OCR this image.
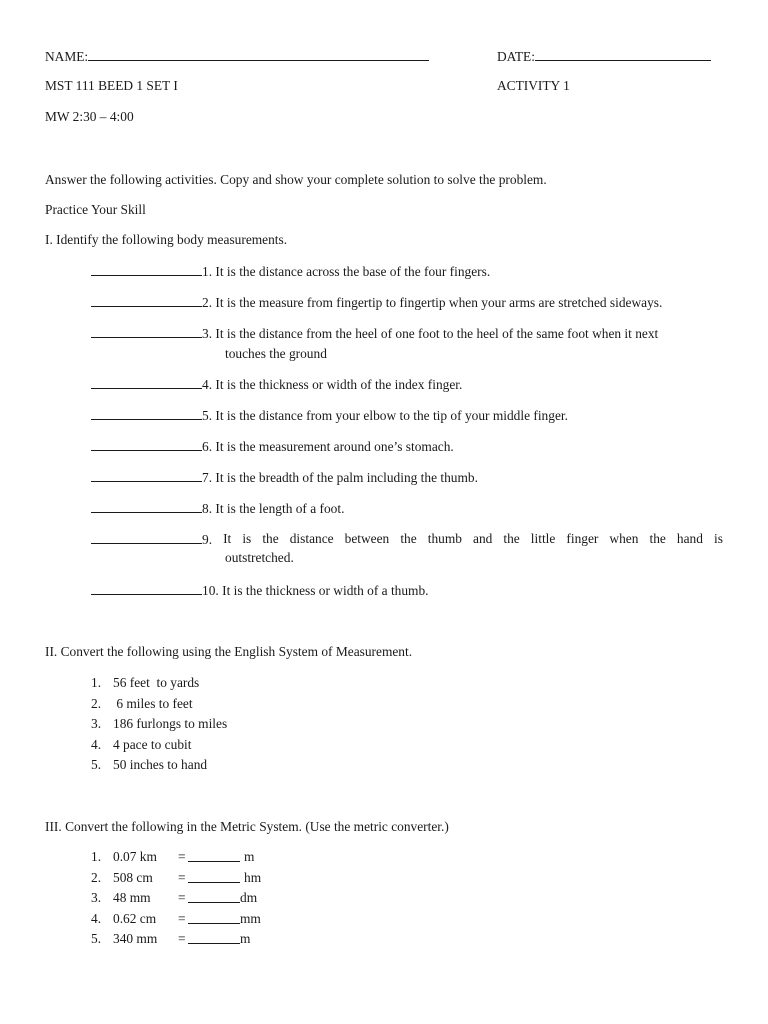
NAME:	DATE:
MST 111 BEED 1 SET I	ACTIVITY 1
MW 2:30 – 4:00
Answer the following activities. Copy and show your complete solution to solve the problem.
Practice Your Skill
I. Identify the following body measurements.
1. It is the distance across the base of the four fingers.
2. It is the measure from fingertip to fingertip when your arms are stretched sideways.
3. It is the distance from the heel of one foot to the heel of the same foot when it next
touches the ground
4. It is the thickness or width of the index finger.
5. It is the distance from your elbow to the tip of your middle finger.
6. It is the measurement around one’s stomach.
7. It is the breadth of the palm including the thumb.
8. It is the length of a foot.
9. It is the distance between the thumb and the little finger when the hand is
outstretched.
10. It is the thickness or width of a thumb.
II. Convert the following using the English System of Measurement.
1. 56 feet  to yards
2. 6 miles to feet
3. 186 furlongs to miles
4. 4 pace to cubit
5. 50 inches to hand
III. Convert the following in the Metric System. (Use the metric converter.)
1. 0.07 km	=	m
2. 508 cm	=	hm
3. 48 mm	=	dm
4. 0.62 cm	=	mm
5. 340 mm	=	m
